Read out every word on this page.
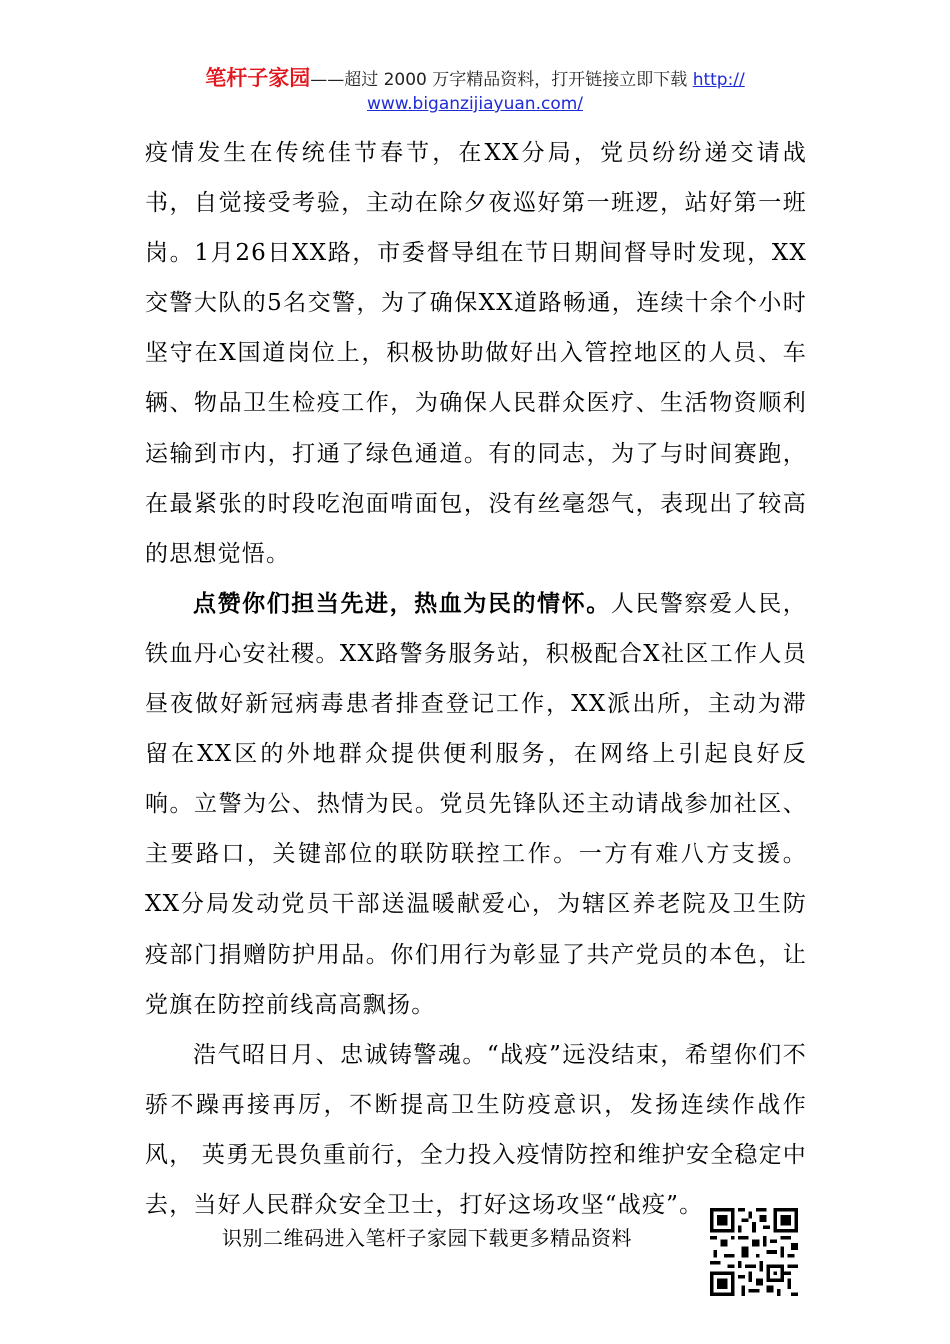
笔杆子家园——超过 2000 万字精品资料，打开链接立即下载 http://
www.biganzijiayuan.com/

疫情发生在传统佳节春节，在XX分局，党员纷纷递交请战书，自觉接受考验，主动在除夕夜巡好第一班逻，站好第一班岗。1月26日XX路，市委督导组在节日期间督导时发现，XX交警大队的5名交警，为了确保XX道路畅通，连续十余个小时坚守在X国道岗位上，积极协助做好出入管控地区的人员、车辆、物品卫生检疫工作，为确保人民群众医疗、生活物资顺利运输到市内，打通了绿色通道。有的同志，为了与时间赛跑，在最紧张的时段吃泡面啃面包，没有丝毫怨气，表现出了较高的思想觉悟。

点赞你们担当先进，热血为民的情怀。人民警察爱人民，铁血丹心安社稷。XX路警务服务站，积极配合X社区工作人员昼夜做好新冠病毒患者排查登记工作，XX派出所，主动为滞留在XX区的外地群众提供便利服务，在网络上引起良好反响。立警为公、热情为民。党员先锋队还主动请战参加社区、主要路口，关键部位的联防联控工作。一方有难八方支援。XX分局发动党员干部送温暖献爱心，为辖区养老院及卫生防疫部门捐赠防护用品。你们用行为彰显了共产党员的本色，让党旗在防控前线高高飘扬。

浩气昭日月、忠诚铸警魂。“战疫”远没结束，希望你们不骄不躁再接再厉，不断提高卫生防疫意识，发扬连续作战作风， 英勇无畏负重前行，全力投入疫情防控和维护安全稳定中去，当好人民群众安全卫士，打好这场攻坚“战疫”。

识别二维码进入笔杆子家园下载更多精品资料
